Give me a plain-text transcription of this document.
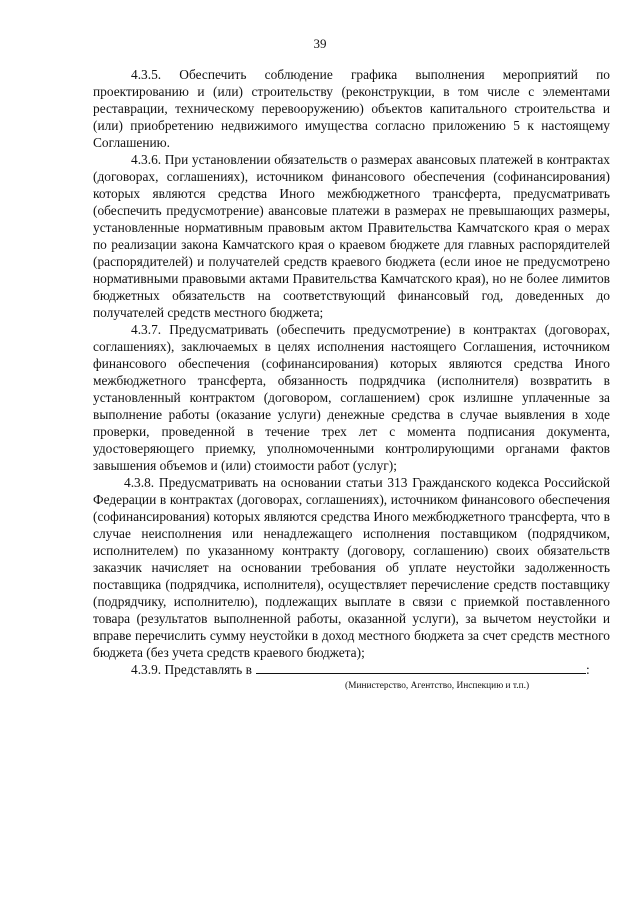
39

4.3.5. Обеспечить соблюдение графика выполнения мероприятий по проектированию и (или) строительству (реконструкции, в том числе с элементами реставрации, техническому перевооружению) объектов капитального строительства и (или) приобретению недвижимого имущества согласно приложению 5 к настоящему Соглашению.

4.3.6. При установлении обязательств о размерах авансовых платежей в контрактах (договорах, соглашениях), источником финансового обеспечения (софинансирования) которых являются средства Иного межбюджетного трансферта, предусматривать (обеспечить предусмотрение) авансовые платежи в размерах не превышающих размеры, установленные нормативным правовым актом Правительства Камчатского края о мерах по реализации закона Камчатского края о краевом бюджете для главных распорядителей (распорядителей) и получателей средств краевого бюджета (если иное не предусмотрено нормативными правовыми актами Правительства Камчатского края), но не более лимитов бюджетных обязательств на соответствующий финансовый год, доведенных до получателей средств местного бюджета;

4.3.7. Предусматривать (обеспечить предусмотрение) в контрактах (договорах, соглашениях), заключаемых в целях исполнения настоящего Соглашения, источником финансового обеспечения (софинансирования) которых являются средства Иного межбюджетного трансферта, обязанность подрядчика (исполнителя) возвратить в установленный контрактом (договором, соглашением) срок излишне уплаченные за выполнение работы (оказание услуги) денежные средства в случае выявления в ходе проверки, проведенной в течение трех лет с момента подписания документа, удостоверяющего приемку, уполномоченными контролирующими органами фактов завышения объемов и (или) стоимости работ (услуг);

4.3.8. Предусматривать на основании статьи 313 Гражданского кодекса Российской Федерации в контрактах (договорах, соглашениях), источником финансового обеспечения (софинансирования) которых являются средства Иного межбюджетного трансферта, что в случае неисполнения или ненадлежащего исполнения поставщиком (подрядчиком, исполнителем) по указанному контракту (договору, соглашению) своих обязательств заказчик начисляет на основании требования об уплате неустойки задолженность поставщика (подрядчика, исполнителя), осуществляет перечисление средств поставщику (подрядчику, исполнителю), подлежащих выплате в связи с приемкой поставленного товара (результатов выполненной работы, оказанной услуги), за вычетом неустойки и вправе перечислить сумму неустойки в доход местного бюджета за счет средств местного бюджета (без учета средств краевого бюджета);

4.3.9. Представлять в	:

(Министерство, Агентство, Инспекцию и т.п.)
